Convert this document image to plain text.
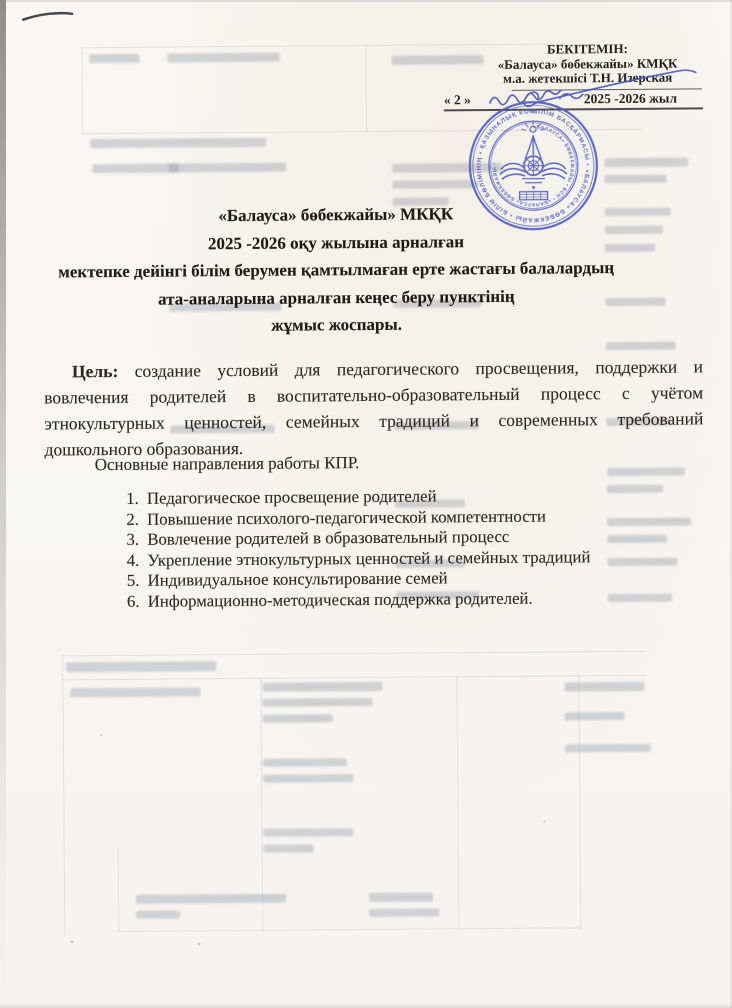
БЕКІТЕМІН:
«Балауса» бөбекжайы» КМҚК
м.а. жетекшісі Т.Н. Изерская
« 2 »	2025 -2026 жыл
БІЛІМ БАСҚАРМАСЫ • «БАЛАУСА» БӨБЕКЖАЙЫ • БІЛІМ БӨЛІМІНІҢ • ҚАЗЫНАЛЫҚ КОММУНАЛДЫҚ КӘСІПОРНЫ •
«БАЛАУСА» БӨБЕКЖАЙЫ • БСН • «БАЛАУСА» БӨБЕКЖАЙЫ •
«Балауса» бөбекжайы» МКҚК
2025 -2026 оқу жылына арналған
мектепке дейінгі білім берумен қамтылмаған ерте жастағы балалардың
ата-аналарына арналған кеңес беру пунктінің
жұмыс жоспары.
Цель: создание условий для педагогического просвещения, поддержки и
вовлечения родителей в воспитательно-образовательный процесс с учётом
этнокультурных ценностей, семейных традиций и современных требований
дошкольного образования.
Основные направления работы КПР.
1. Педагогическое просвещение родителей
2. Повышение психолого-педагогической компетентности
3. Вовлечение родителей в образовательный процесс
4. Укрепление этнокультурных ценностей и семейных традиций
5. Индивидуальное консультирование семей
6. Информационно-методическая поддержка родителей.
